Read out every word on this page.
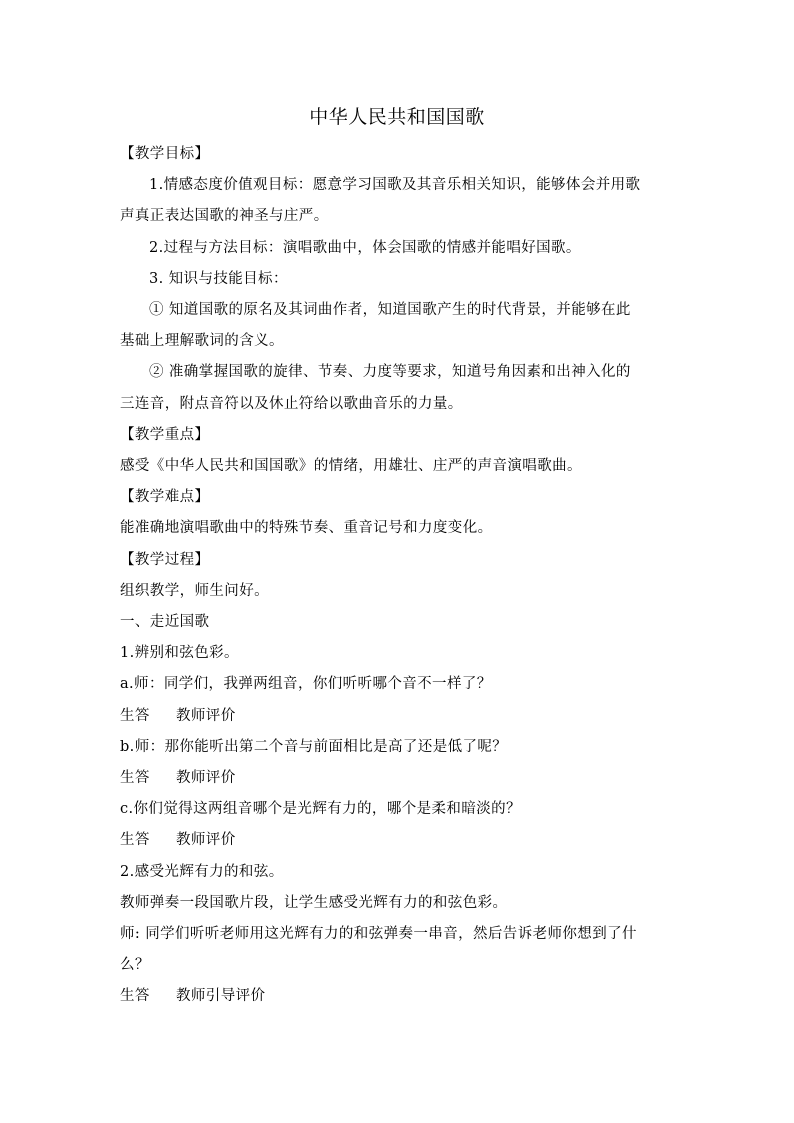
中华人民共和国国歌
【教学目标】
1.情感态度价值观目标：愿意学习国歌及其音乐相关知识，能够体会并用歌
声真正表达国歌的神圣与庄严。
2.过程与方法目标：演唱歌曲中，体会国歌的情感并能唱好国歌。
3. 知识与技能目标：
① 知道国歌的原名及其词曲作者，知道国歌产生的时代背景，并能够在此
基础上理解歌词的含义。
② 准确掌握国歌的旋律、节奏、力度等要求，知道号角因素和出神入化的
三连音，附点音符以及休止符给以歌曲音乐的力量。
【教学重点】
感受《中华人民共和国国歌》的情绪，用雄壮、庄严的声音演唱歌曲。
【教学难点】
能准确地演唱歌曲中的特殊节奏、重音记号和力度变化。
【教学过程】
组织教学，师生问好。
一、走近国歌
1.辨别和弦色彩。
a.师：同学们，我弹两组音，你们听听哪个音不一样了？
生答 教师评价
b.师：那你能听出第二个音与前面相比是高了还是低了呢？
生答 教师评价
c.你们觉得这两组音哪个是光辉有力的，哪个是柔和暗淡的？
生答 教师评价
2.感受光辉有力的和弦。
教师弹奏一段国歌片段，让学生感受光辉有力的和弦色彩。
师: 同学们听听老师用这光辉有力的和弦弹奏一串音，然后告诉老师你想到了什
么？
生答 教师引导评价
